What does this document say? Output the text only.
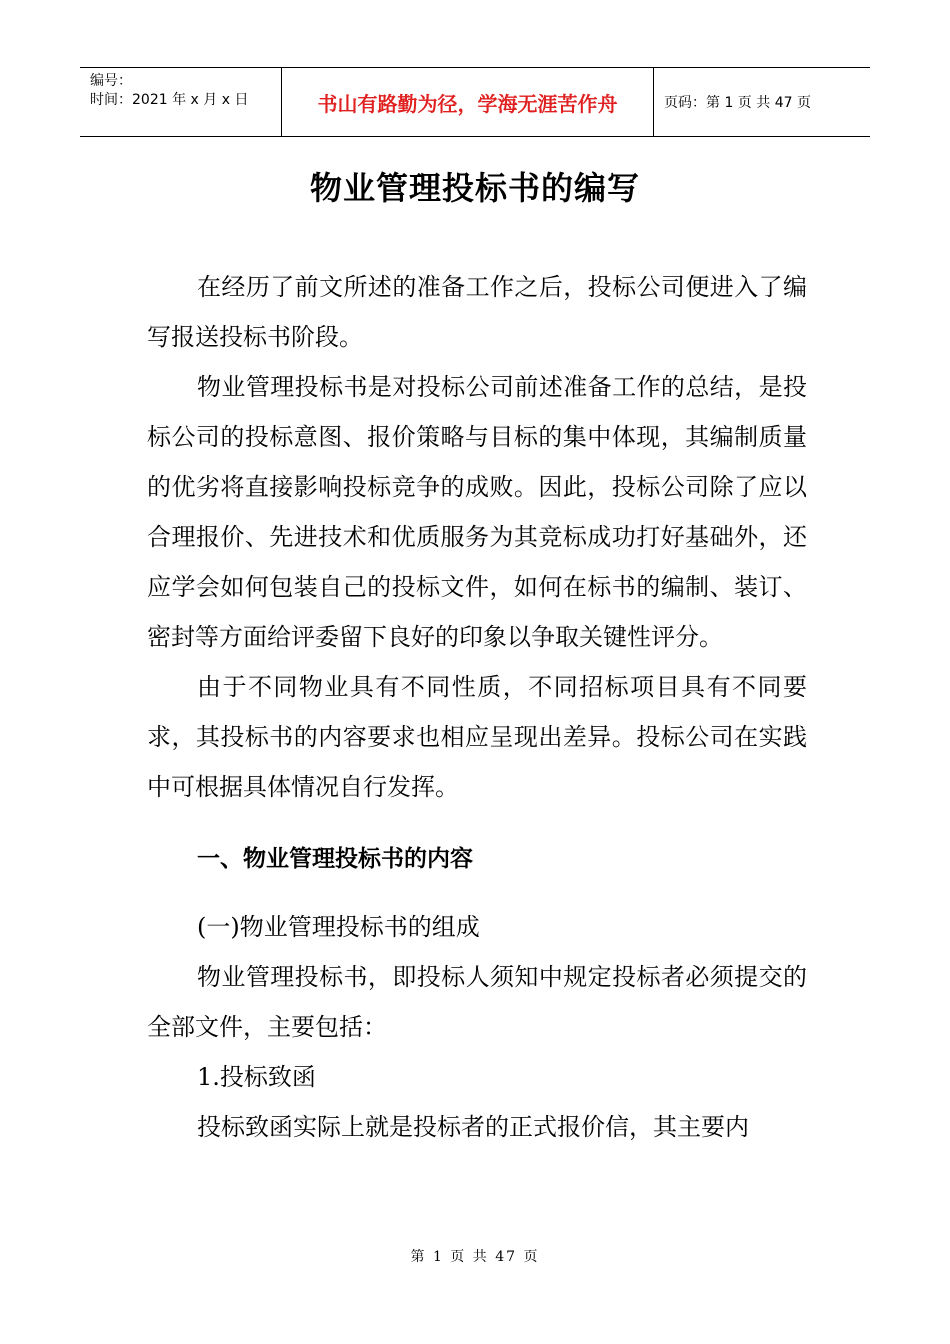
编号：
时间：2021 年 x 月 x 日	书山有路勤为径，学海无涯苦作舟	页码：第 1 页 共 47 页
物业管理投标书的编写

在经历了前文所述的准备工作之后，投标公司便进入了编写报送投标书阶段。

物业管理投标书是对投标公司前述准备工作的总结，是投标公司的投标意图、报价策略与目标的集中体现，其编制质量的优劣将直接影响投标竞争的成败。因此，投标公司除了应以合理报价、先进技术和优质服务为其竞标成功打好基础外，还应学会如何包装自己的投标文件，如何在标书的编制、装订、密封等方面给评委留下良好的印象以争取关键性评分。

由于不同物业具有不同性质，不同招标项目具有不同要求，其投标书的内容要求也相应呈现出差异。投标公司在实践中可根据具体情况自行发挥。

一、物业管理投标书的内容

(一)物业管理投标书的组成

物业管理投标书，即投标人须知中规定投标者必须提交的全部文件，主要包括：

1.投标致函

投标致函实际上就是投标者的正式报价信，其主要内

第 1 页 共 47 页
